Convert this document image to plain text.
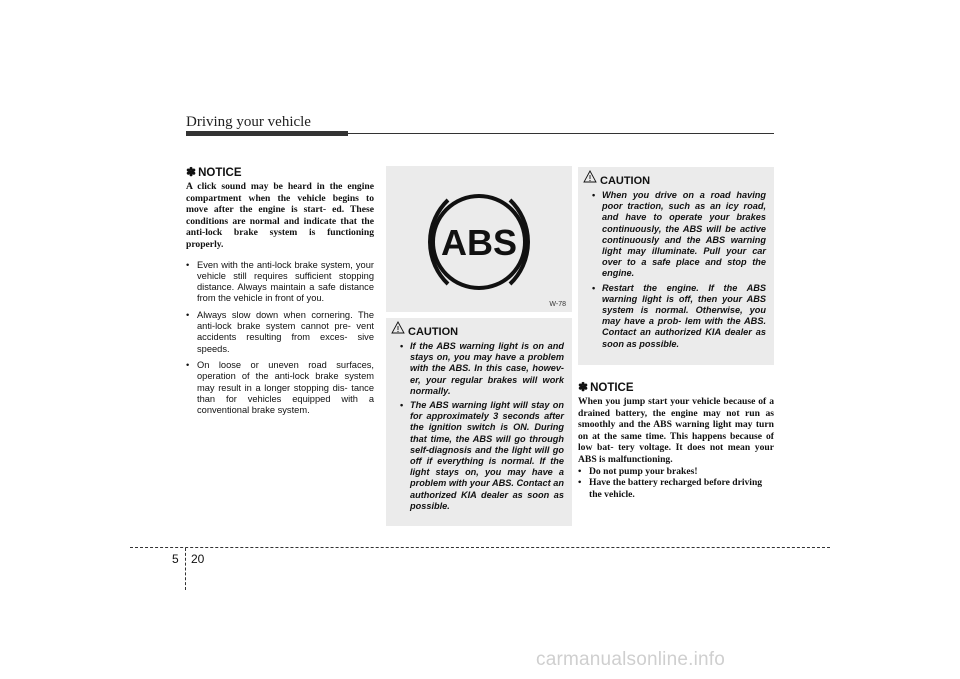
Driving your vehicle
✽ NOTICE

A click sound may be heard in the engine compartment when the vehicle begins to move after the engine is start- ed. These conditions are normal and indicate that the anti-lock brake system is functioning properly.

• Even with the anti-lock brake system, your vehicle still requires sufficient stopping distance. Always maintain a safe distance from the vehicle in front of you.
• Always slow down when cornering. The anti-lock brake system cannot pre- vent accidents resulting from exces- sive speeds.
• On loose or uneven road surfaces, operation of the anti-lock brake system may result in a longer stopping dis- tance than for vehicles equipped with a conventional brake system.
ABS
W-78
CAUTION
• If the ABS warning light is on and stays on, you may have a problem with the ABS. In this case, howev- er, your regular brakes will work normally.
• The ABS warning light will stay on for approximately 3 seconds after the ignition switch is ON. During that time, the ABS will go through self-diagnosis and the light will go off if everything is normal. If the light stays on, you may have a problem with your ABS. Contact an authorized KIA dealer as soon as possible.
CAUTION
• When you drive on a road having poor traction, such as an icy road, and have to operate your brakes continuously, the ABS will be active continuously and the ABS warning light may illuminate. Pull your car over to a safe place and stop the engine.
• Restart the engine. If the ABS warning light is off, then your ABS system is normal. Otherwise, you may have a prob- lem with the ABS. Contact an authorized KIA dealer as soon as possible.
✽ NOTICE

When you jump start your vehicle because of a drained battery, the engine may not run as smoothly and the ABS warning light may turn on at the same time. This happens because of low bat- tery voltage. It does not mean your ABS is malfunctioning.

• Do not pump your brakes!
• Have the battery recharged before driving the vehicle.
5 20
carmanualsonline.info
